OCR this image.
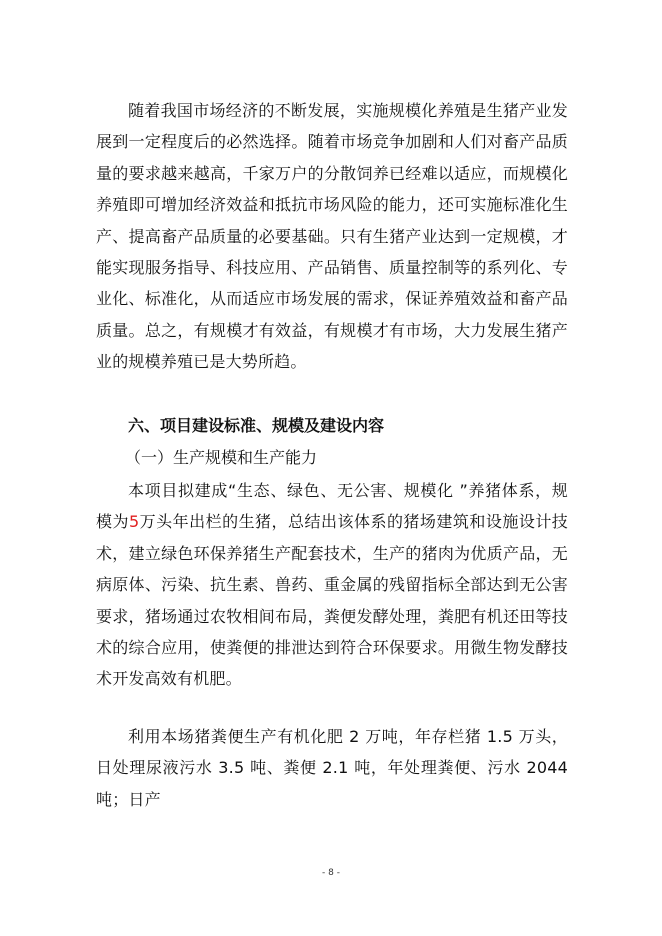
随着我国市场经济的不断发展，实施规模化养殖是生猪产业发展到一定程度后的必然选择。随着市场竞争加剧和人们对畜产品质量的要求越来越高，千家万户的分散饲养已经难以适应，而规模化养殖即可增加经济效益和抵抗市场风险的能力，还可实施标准化生产、提高畜产品质量的必要基础。只有生猪产业达到一定规模，才能实现服务指导、科技应用、产品销售、质量控制等的系列化、专业化、标准化，从而适应市场发展的需求，保证养殖效益和畜产品质量。总之，有规模才有效益，有规模才有市场，大力发展生猪产业的规模养殖已是大势所趋。

六、项目建设标准、规模及建设内容

（一）生产规模和生产能力

本项目拟建成“生态、绿色、无公害、规模化 ”养猪体系，规模为5万头年出栏的生猪，总结出该体系的猪场建筑和设施设计技术，建立绿色环保养猪生产配套技术，生产的猪肉为优质产品，无病原体、污染、抗生素、兽药、重金属的残留指标全部达到无公害要求，猪场通过农牧相间布局，粪便发酵处理，粪肥有机还田等技术的综合应用，使粪便的排泄达到符合环保要求。用微生物发酵技术开发高效有机肥。

利用本场猪粪便生产有机化肥 2 万吨，年存栏猪 1.5 万头，日处理尿液污水 3.5 吨、粪便 2.1 吨，年处理粪便、污水 2044 吨；日产

- 8 -
